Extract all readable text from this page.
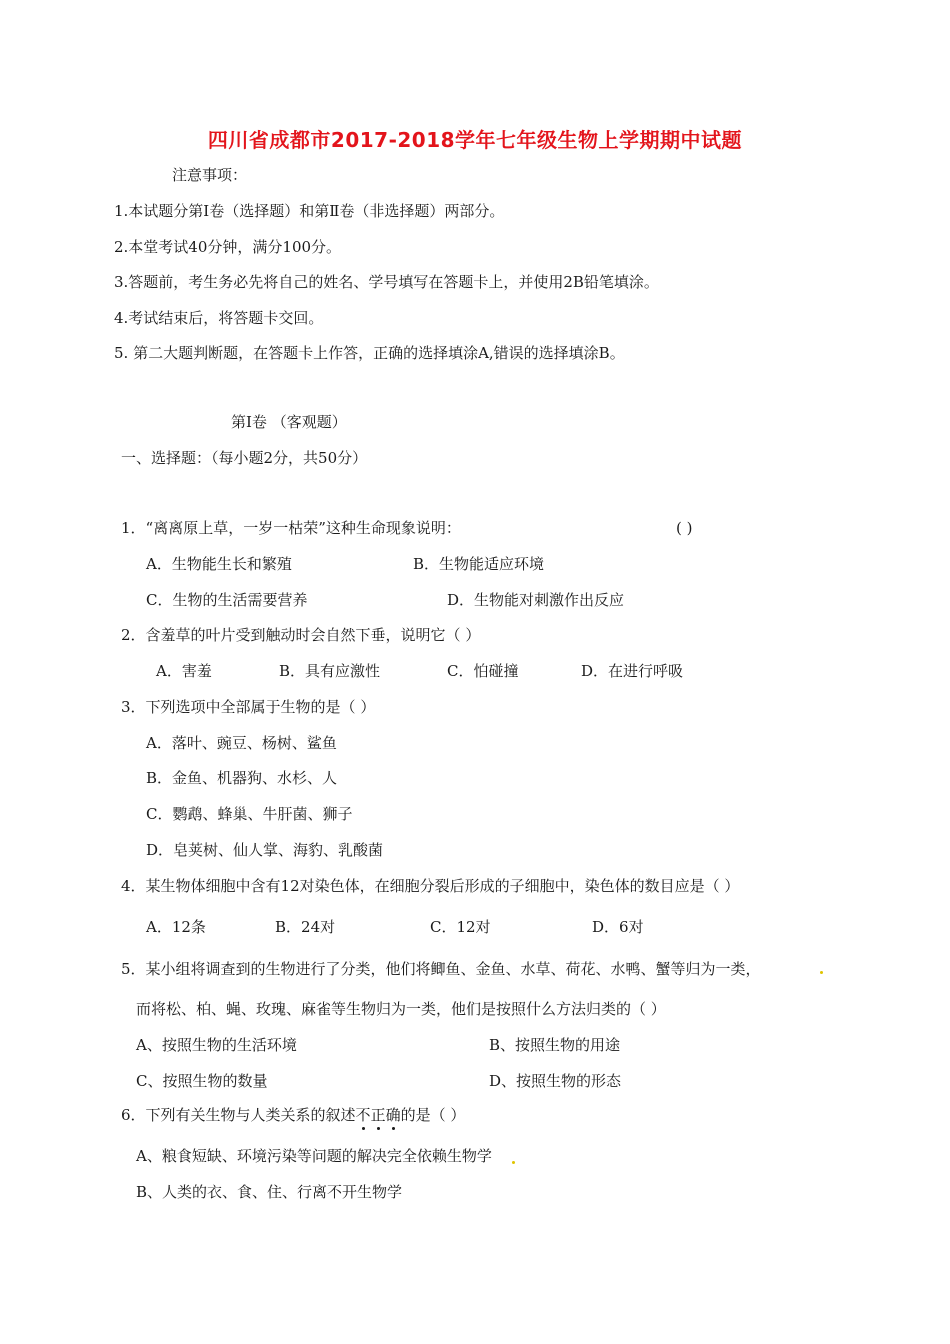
四川省成都市2017-2018学年七年级生物上学期期中试题
注意事项：
1.本试题分第Ⅰ卷（选择题）和第Ⅱ卷（非选择题）两部分。
2.本堂考试40分钟，满分100分。
3.答题前，考生务必先将自己的姓名、学号填写在答题卡上，并使用2B铅笔填涂。
4.考试结束后，将答题卡交回。
5. 第二大题判断题，在答题卡上作答，正确的选择填涂A,错误的选择填涂B。
第Ⅰ卷 （客观题）
一、选择题：（每小题2分，共50分）
1．“离离原上草，一岁一枯荣”这种生命现象说明：	( )
A．生物能生长和繁殖	B．生物能适应环境
C．生物的生活需要营养	D．生物能对刺激作出反应
2．含羞草的叶片受到触动时会自然下垂，说明它（ ）
A．害羞	B．具有应激性	C．怕碰撞	D．在进行呼吸
3．下列选项中全部属于生物的是（ ）
A．落叶、豌豆、杨树、鲨鱼
B．金鱼、机器狗、水杉、人
C．鹦鹉、蜂巢、牛肝菌、狮子
D．皂荚树、仙人掌、海豹、乳酸菌
4．某生物体细胞中含有12对染色体，在细胞分裂后形成的子细胞中，染色体的数目应是（ ）
A．12条	B．24对	C．12对	D．6对
5．某小组将调查到的生物进行了分类，他们将鲫鱼、金鱼、水草、荷花、水鸭、蟹等归为一类，
而将松、柏、蝇、玫瑰、麻雀等生物归为一类，他们是按照什么方法归类的（ ）
A、按照生物的生活环境	B、按照生物的用途
C、按照生物的数量	D、按照生物的形态
6．下列有关生物与人类关系的叙述不正确的是（ ）
A、粮食短缺、环境污染等问题的解决完全依赖生物学
B、人类的衣、食、住、行离不开生物学
